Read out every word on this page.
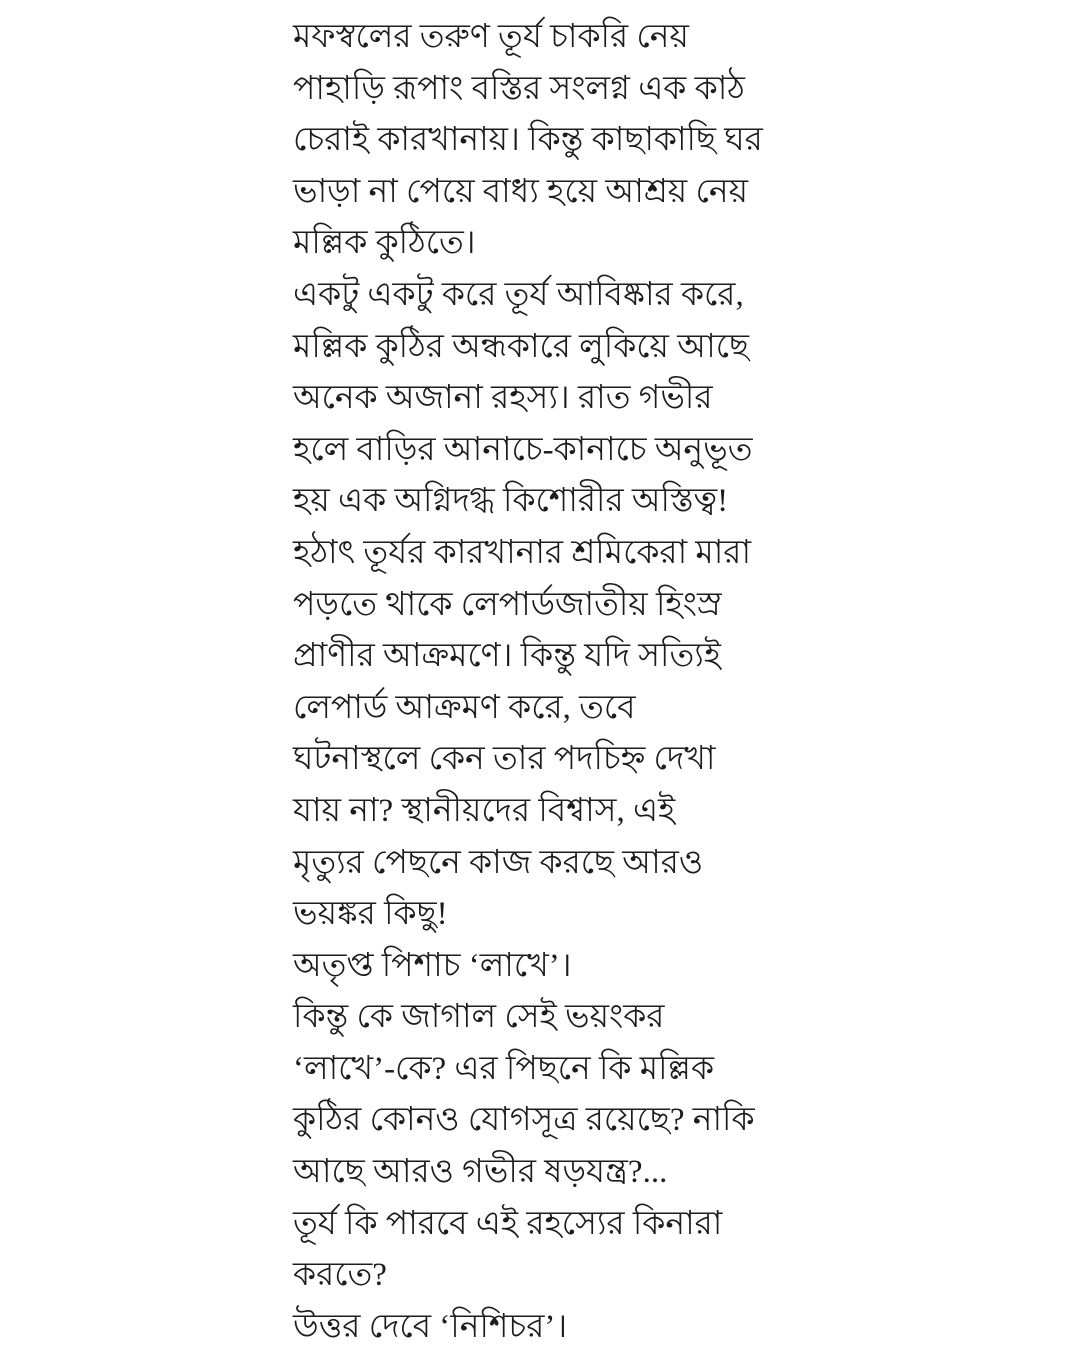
মফস্বলের তরুণ তূর্য চাকরি নেয়
পাহাড়ি রূপাং বস্তির সংলগ্ন এক কাঠ
চেরাই কারখানায়। কিন্তু কাছাকাছি ঘর
ভাড়া না পেয়ে বাধ্য হয়ে আশ্রয় নেয়
মল্লিক কুঠিতে।
একটু একটু করে তূর্য আবিষ্কার করে,
মল্লিক কুঠির অন্ধকারে লুকিয়ে আছে
অনেক অজানা রহস্য। রাত গভীর
হলে বাড়ির আনাচে-কানাচে অনুভূত
হয় এক অগ্নিদগ্ধ কিশোরীর অস্তিত্ব!
হঠাৎ তূর্যর কারখানার শ্রমিকেরা মারা
পড়তে থাকে লেপার্ডজাতীয় হিংস্র
প্রাণীর আক্রমণে। কিন্তু যদি সত্যিই
লেপার্ড আক্রমণ করে, তবে
ঘটনাস্থলে কেন তার পদচিহ্ন দেখা
যায় না? স্থানীয়দের বিশ্বাস, এই
মৃত্যুর পেছনে কাজ করছে আরও
ভয়ঙ্কর কিছু!
অতৃপ্ত পিশাচ ‘লাখে’।
কিন্তু কে জাগাল সেই ভয়ংকর
‘লাখে’-কে? এর পিছনে কি মল্লিক
কুঠির কোনও যোগসূত্র রয়েছে? নাকি
আছে আরও গভীর ষড়যন্ত্র?...
তূর্য কি পারবে এই রহস্যের কিনারা
করতে?
উত্তর দেবে ‘নিশিচর’।
